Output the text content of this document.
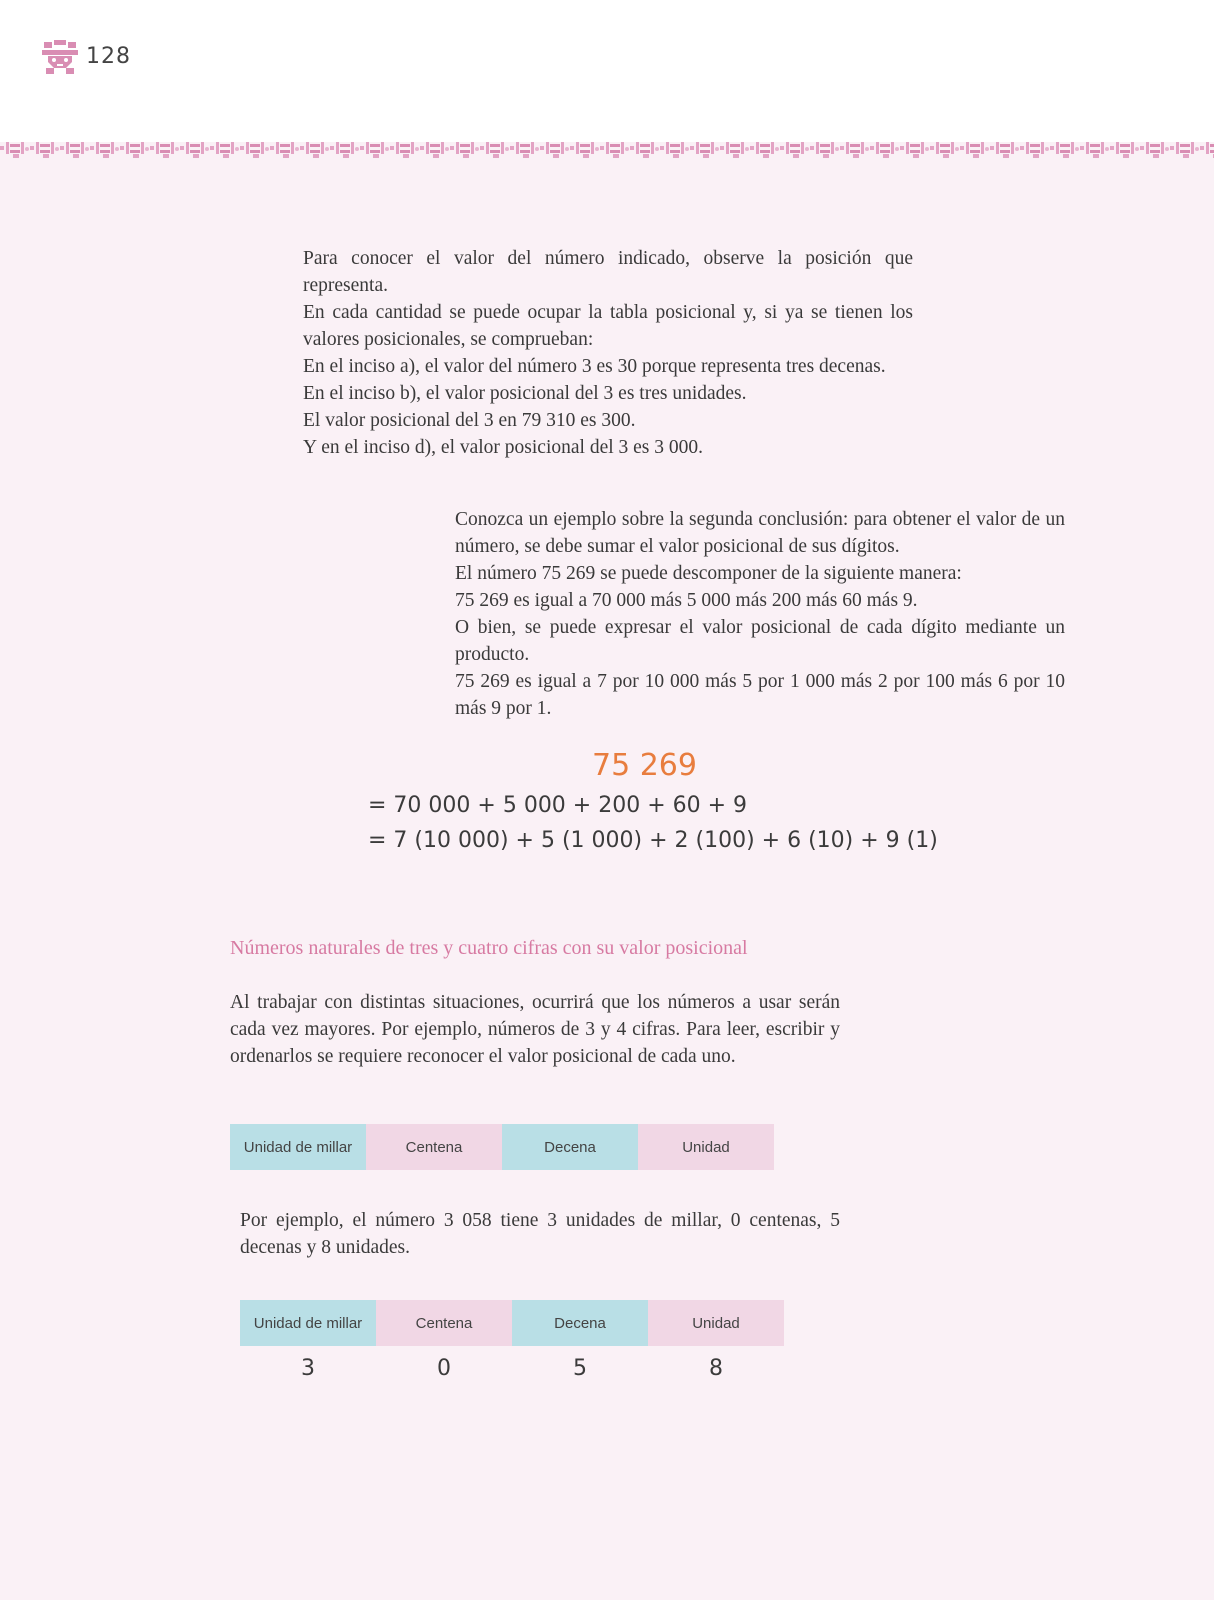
128

Para conocer el valor del número indicado, observe la posición que representa.

En cada cantidad se puede ocupar la tabla posicional y, si ya se tienen los valores posicionales, se comprueban:

En el inciso a), el valor del número 3 es 30 porque representa tres decenas.

En el inciso b), el valor posicional del 3 es tres unidades.

El valor posicional del 3 en 79 310 es 300.

Y en el inciso d), el valor posicional del 3 es 3 000.

Conozca un ejemplo sobre la segunda conclusión: para obtener el valor de un número, se debe sumar el valor posicional de sus dígitos.

El número 75 269 se puede descomponer de la siguiente manera:

75 269 es igual a 70 000 más 5 000 más 200 más 60 más 9.

O bien, se puede expresar el valor posicional de cada dígito mediante un producto.

75 269 es igual a 7 por 10 000 más 5 por 1 000 más 2 por 100 más 6 por 10 más 9 por 1.

75 269
= 70 000 + 5 000 + 200 + 60 + 9
= 7 (10 000) + 5 (1 000) + 2 (100) + 6 (10) + 9 (1)
Números naturales de tres y cuatro cifras con su valor posicional
Al trabajar con distintas situaciones, ocurrirá que los números a usar serán cada vez mayores. Por ejemplo, números de 3 y 4 cifras. Para leer, escribir y ordenarlos se requiere reconocer el valor posicional de cada uno.
Unidad de millar	Centena	Decena	Unidad
Por ejemplo, el número 3 058 tiene 3 unidades de millar, 0 centenas, 5 decenas y 8 unidades.
Unidad de millar	Centena	Decena	Unidad
3	0	5	8
